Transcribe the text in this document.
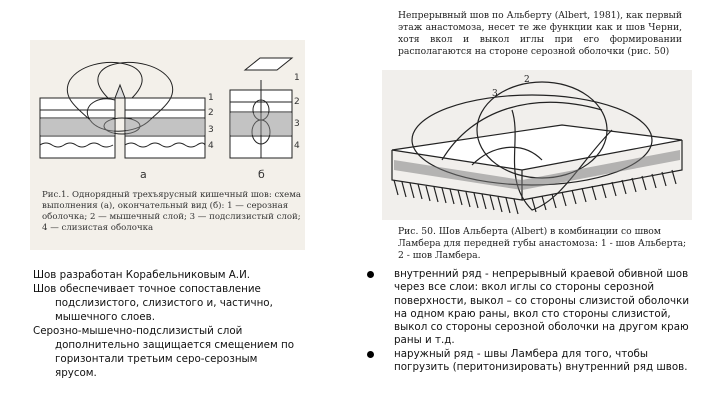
1
2
3
4
1
2
3
4
а	б
Рис.1. Однорядный трехъярусный кишечный шов: схема выполнения (а), окончательный вид (б): 1 — серозная оболочка; 2 — мышечный слой; 3 — подслизистый слой; 4 — слизистая оболочка
Непрерывный шов по Альберту (Albert, 1981), как первый этаж анастомоза, несет те же функции как и шов Черни, хотя вкол и выкол иглы при его формировании располагаются на стороне серозной оболочки (рис. 50)
2
3
Рис. 50. Шов Альберта (Albert) в комбинации со швом Ламбера для передней губы анастомоза: 1 - шов Альберта; 2 - шов Ламбера.

Шов разработан Корабельниковым А.И.

Шов обеспечивает точное сопоставление

подслизистого, слизистого и, частично,

мышечного слоев.

Серозно-мышечно-подслизистый слой

дополнительно защищается смещением по

горизонтали третьим серо-серозным

ярусом.

внутренний ряд - непрерывный краевой обивной шов через все слои: вкол иглы со стороны серозной поверхности, выкол – со стороны слизистой оболочки на одном краю раны, вкол сто стороны слизистой, выкол со стороны серозной оболочки на другом краю раны и т.д.
наружный ряд - швы Ламбера для того, чтобы погрузить (перитонизировать) внутренний ряд швов.
